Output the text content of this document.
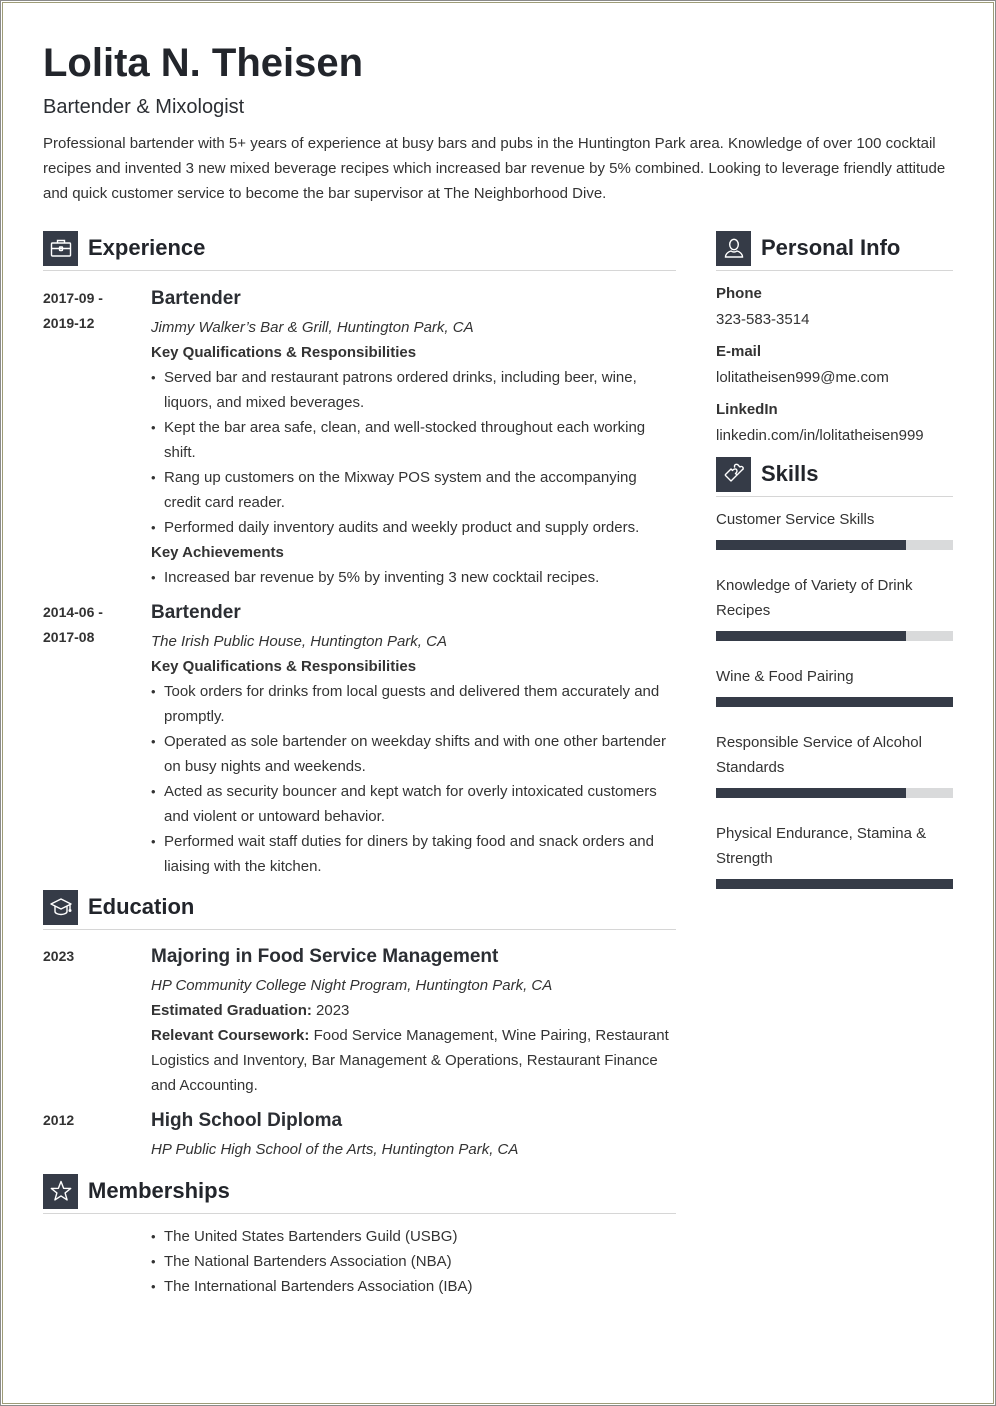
Lolita N. Theisen
Bartender & Mixologist
Professional bartender with 5+ years of experience at busy bars and pubs in the Huntington Park area. Knowledge of over 100 cocktail recipes and invented 3 new mixed beverage recipes which increased bar revenue by 5% combined. Looking to leverage friendly attitude and quick customer service to become the bar supervisor at The Neighborhood Dive.
Experience
2017-09 -
2019-12
Bartender
Jimmy Walker’s Bar & Grill, Huntington Park, CA
Key Qualifications & Responsibilities
• Served bar and restaurant patrons ordered drinks, including beer, wine, liquors, and mixed beverages.
• Kept the bar area safe, clean, and well-stocked throughout each working shift.
• Rang up customers on the Mixway POS system and the accompanying credit card reader.
• Performed daily inventory audits and weekly product and supply orders.
Key Achievements
• Increased bar revenue by 5% by inventing 3 new cocktail recipes.
2014-06 -
2017-08
Bartender
The Irish Public House, Huntington Park, CA
Key Qualifications & Responsibilities
• Took orders for drinks from local guests and delivered them accurately and promptly.
• Operated as sole bartender on weekday shifts and with one other bartender on busy nights and weekends.
• Acted as security bouncer and kept watch for overly intoxicated customers and violent or untoward behavior.
• Performed wait staff duties for diners by taking food and snack orders and liaising with the kitchen.
Education
2023	Majoring in Food Service Management
HP Community College Night Program, Huntington Park, CA
Estimated Graduation: 2023
Relevant Coursework: Food Service Management, Wine Pairing, Restaurant Logistics and Inventory, Bar Management & Operations, Restaurant Finance and Accounting.
2012	High School Diploma
HP Public High School of the Arts, Huntington Park, CA
Memberships
• The United States Bartenders Guild (USBG)
• The National Bartenders Association (NBA)
• The International Bartenders Association (IBA)
Personal Info
Phone
323-583-3514
E-mail
lolitatheisen999@me.com
LinkedIn
linkedin.com/in/lolitatheisen999
Skills
Customer Service Skills
Knowledge of Variety of Drink Recipes
Wine & Food Pairing
Responsible Service of Alcohol Standards
Physical Endurance, Stamina & Strength
